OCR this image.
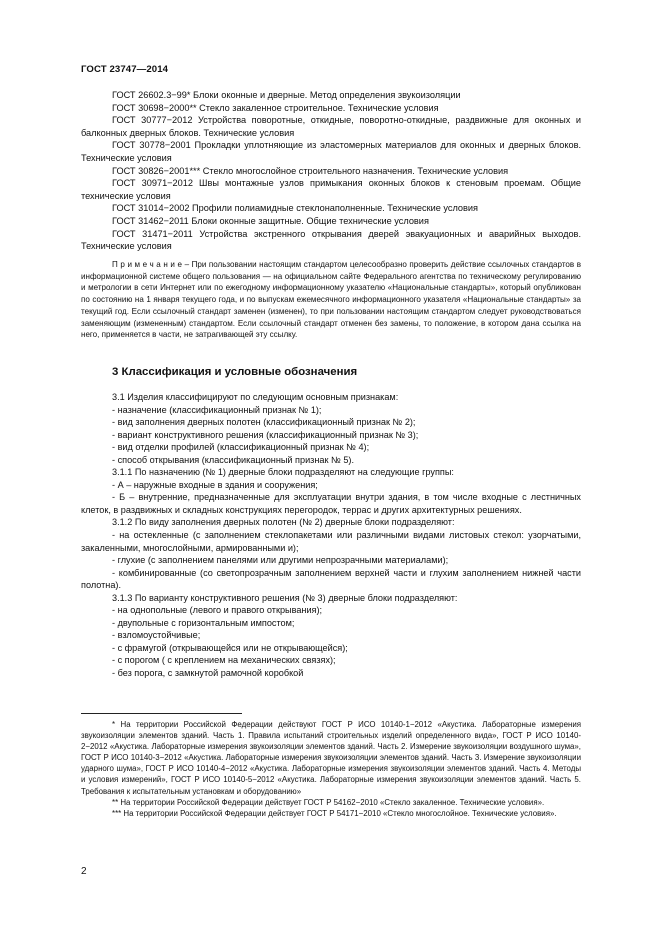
ГОСТ 23747—2014

ГОСТ 26602.3−99* Блоки оконные и дверные. Метод определения звукоизоляции

ГОСТ 30698−2000** Стекло закаленное строительное. Технические условия

ГОСТ 30777−2012 Устройства поворотные, откидные, поворотно-откидные, раздвижные для оконных и балконных дверных блоков. Технические условия

ГОСТ 30778−2001 Прокладки уплотняющие из эластомерных материалов для оконных и дверных блоков. Технические условия

ГОСТ 30826−2001*** Стекло многослойное строительного назначения. Технические условия

ГОСТ 30971−2012 Швы монтажные узлов примыкания оконных блоков к стеновым проемам. Общие технические условия

ГОСТ 31014−2002 Профили полиамидные стеклонаполненные. Технические условия

ГОСТ 31462−2011 Блоки оконные защитные. Общие технические условия

ГОСТ 31471−2011 Устройства экстренного открывания дверей эвакуационных и аварийных выходов. Технические условия

Примечание– При пользовании настоящим стандартом целесообразно проверить действие ссылочных стандартов в информационной системе общего пользования — на официальном сайте Федерального агентства по техническому регулированию и метрологии в сети Интернет или по ежегодному информационному указателю «Национальные стандарты», который опубликован по состоянию на 1 января текущего года, и по выпускам ежемесячного информационного указателя «Национальные стандарты» за текущий год. Если ссылочный стандарт заменен (изменен), то при пользовании настоящим стандартом следует руководствоваться заменяющим (измененным) стандартом. Если ссылочный стандарт отменен без замены, то положение, в котором дана ссылка на него, применяется в части, не затрагивающей эту ссылку.

3 Классификация и условные обозначения

3.1 Изделия классифицируют по следующим основным признакам:

- назначение (классификационный признак № 1);

- вид заполнения дверных полотен (классификационный признак № 2);

- вариант конструктивного решения (классификационный признак № 3);

- вид отделки профилей (классификационный признак № 4);

- способ открывания (классификационный признак № 5).

3.1.1 По назначению (№ 1) дверные блоки подразделяют на следующие группы:

- А – наружные входные в здания и сооружения;

- Б – внутренние, предназначенные для эксплуатации внутри здания, в том числе входные с лестничных клеток, в раздвижных и складных конструкциях перегородок, террас и других архитектурных решениях.

3.1.2 По виду заполнения дверных полотен (№ 2) дверные блоки подразделяют:

- на остекленные (с заполнением стеклопакетами или различными видами листовых стекол: узорчатыми, закаленными, многослойными, армированными и);

- глухие (с заполнением панелями или другими непрозрачными материалами);

- комбинированные (со светопрозрачным заполнением верхней части и глухим заполнением нижней части полотна).

3.1.3 По варианту конструктивного решения (№ 3) дверные блоки подразделяют:

- на однопольные (левого и правого открывания);

- двупольные с горизонтальным импостом;

- взломоустойчивые;

- с фрамугой (открывающейся или не открывающейся);

- с порогом ( с креплением на механических связях);

- без порога, с замкнутой рамочной коробкой

* На территории Российской Федерации действуют ГОСТ Р ИСО 10140-1−2012 «Акустика. Лабораторные измерения звукоизоляции элементов зданий. Часть 1. Правила испытаний строительных изделий определенного вида», ГОСТ Р ИСО 10140-2−2012 «Акустика. Лабораторные измерения звукоизоляции элементов зданий. Часть 2. Измерение звукоизоляции воздушного шума», ГОСТ Р ИСО 10140-3−2012 «Акустика. Лабораторные измерения звукоизоляции элементов зданий. Часть 3. Измерение звукоизоляции ударного шума», ГОСТ Р ИСО 10140-4−2012 «Акустика. Лабораторные измерения звукоизоляции элементов зданий. Часть 4. Методы и условия измерений», ГОСТ Р ИСО 10140-5−2012 «Акустика. Лабораторные измерения звукоизоляции элементов зданий. Часть 5. Требования к испытательным установкам и оборудованию»

** На территории Российской Федерации действует ГОСТ Р 54162−2010 «Стекло закаленное. Технические условия».

*** На территории Российской Федерации действует ГОСТ Р 54171−2010 «Стекло многослойное. Технические условия».

2
